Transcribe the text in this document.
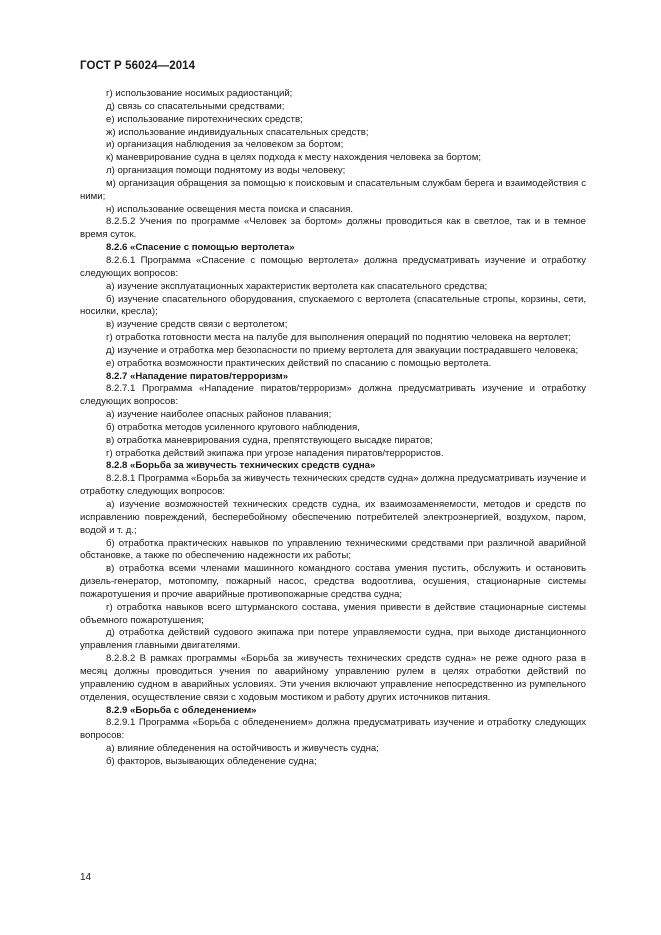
ГОСТ Р 56024—2014

г) использование носимых радиостанций;

д) связь со спасательными средствами;

е) использование пиротехнических средств;

ж) использование индивидуальных спасательных средств;

и) организация наблюдения за человеком за бортом;

к) маневрирование судна в целях подхода к месту нахождения человека за бортом;

л) организация помощи поднятому из воды человеку;

м) организация обращения за помощью к поисковым и спасательным службам берега и взаимодействия с ними;

н) использование освещения места поиска и спасания.

8.2.5.2 Учения по программе «Человек за бортом» должны проводиться как в светлое, так и в темное время суток.

8.2.6 «Спасение с помощью вертолета»

8.2.6.1 Программа «Спасение с помощью вертолета» должна предусматривать изучение и отработку следующих вопросов:

а) изучение эксплуатационных характеристик вертолета как спасательного средства;

б) изучение спасательного оборудования, спускаемого с вертолета (спасательные стропы, корзины, сети, носилки, кресла);

в) изучение средств связи с вертолетом;

г) отработка готовности места на палубе для выполнения операций по поднятию человека на вертолет;

д) изучение и отработка мер безопасности по приему вертолета для эвакуации пострадавшего человека;

е) отработка возможности практических действий по спасанию с помощью вертолета.

8.2.7 «Нападение пиратов/терроризм»

8.2.7.1 Программа «Нападение пиратов/терроризм» должна предусматривать изучение и отработку следующих вопросов:

а) изучение наиболее опасных районов плавания;

б) отработка методов усиленного кругового наблюдения,

в) отработка маневрирования судна, препятствующего высадке пиратов;

г) отработка действий экипажа при угрозе нападения пиратов/террористов.

8.2.8 «Борьба за живучесть технических средств судна»

8.2.8.1 Программа «Борьба за живучесть технических средств судна» должна предусматривать изучение и отработку следующих вопросов:

а) изучение возможностей технических средств судна, их взаимозаменяемости, методов и средств по исправлению повреждений, бесперебойному обеспечению потребителей электроэнергией, воздухом, паром, водой и т. д.;

б) отработка практических навыков по управлению техническими средствами при различной аварийной обстановке, а также по обеспечению надежности их работы;

в) отработка всеми членами машинного командного состава умения пустить, обслужить и остановить дизель-генератор, мотопомпу, пожарный насос, средства водоотлива, осушения, стационарные системы пожаротушения и прочие аварийные противопожарные средства судна;

г) отработка навыков всего штурманского состава, умения привести в действие стационарные системы объемного пожаротушения;

д) отработка действий судового экипажа при потере управляемости судна, при выходе дистанционного управления главными двигателями.

8.2.8.2 В рамках программы «Борьба за живучесть технических средств судна» не реже одного раза в месяц должны проводиться учения по аварийному управлению рулем в целях отработки действий по управлению судном в аварийных условиях. Эти учения включают управление непосредственно из румпельного отделения, осуществление связи с ходовым мостиком и работу других источников питания.

8.2.9 «Борьба с обледенением»

8.2.9.1 Программа «Борьба с обледенением» должна предусматривать изучение и отработку следующих вопросов:

а) влияние обледенения на остойчивость и живучесть судна;

б) факторов, вызывающих обледенение судна;

14
